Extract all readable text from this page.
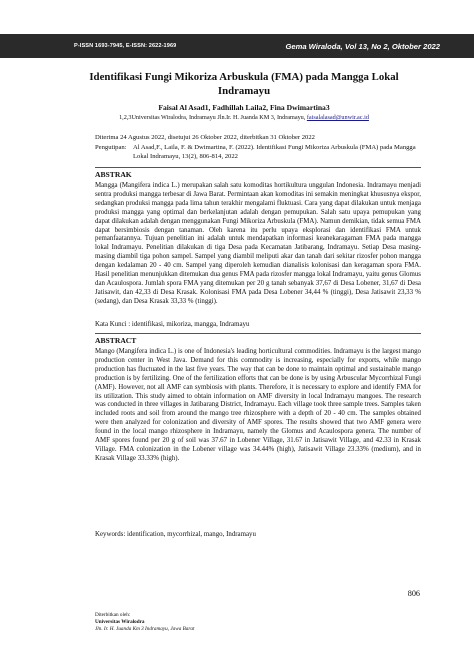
P-ISSN 1693-7945, E-ISSN: 2622-1969	Gema Wiraloda, Vol 13, No 2, Oktober 2022
Identifikasi Fungi Mikoriza Arbuskula (FMA) pada Mangga Lokal Indramayu
Faisal Al Asad1, Fadhillah Laila2, Fina Dwimartina3
1,2,3Universitas Wiralodra, Indramayu Jln.Ir. H. Juanda KM 3, Indramayu, faisalalasad@unwir.ac.id
Diterima 24 Agustus 2022, disetujui 26 Oktober 2022, diterbitkan 31 Oktober 2022
Pengutipan: Al Asad,F., Laila, F. & Dwimartina, F. (2022). Identifikasi Fungi Mikoriza Arbuskula (FMA) pada Mangga Lokal Indramayu, 13(2), 806-814, 2022
ABSTRAK

Mangga (Mangifera indica L.) merupakan salah satu komoditas hortikultura unggulan Indonesia. Indramayu menjadi sentra produksi mangga terbesar di Jawa Barat. Permintaan akan komoditas ini semakin meningkat khususnya ekspor, sedangkan produksi mangga pada lima tahun terakhir mengalami fluktuasi. Cara yang dapat dilakukan untuk menjaga produksi mangga yang optimal dan berkelanjutan adalah dengan pemupukan. Salah satu upaya pemupukan yang dapat dilakukan adalah dengan menggunakan Fungi Mikoriza Arbuskula (FMA). Namun demikian, tidak semua FMA dapat bersimbiosis dengan tanaman. Oleh karena itu perlu upaya eksplorasi dan identifikasi FMA untuk pemanfaatannya. Tujuan penelitian ini adalah untuk mendapatkan informasi keanekaragaman FMA pada mangga lokal Indramayu. Penelitian dilakukan di tiga Desa pada Kecamatan Jatibarang, Indramayu. Setiap Desa masing-masing diambil tiga pohon sampel. Sampel yang diambil meliputi akar dan tanah dari sekitar rizosfer pohon mangga dengan kedalaman 20 - 40 cm. Sampel yang diperoleh kemudian dianalisis kolonisasi dan keragaman spora FMA. Hasil penelitian menunjukkan ditemukan dua genus FMA pada rizosfer mangga lokal Indramayu, yaitu genus Glomus dan Acaulospora. Jumlah spora FMA yang ditemukan per 20 g tanah sebanyak 37,67 di Desa Lobener, 31,67 di Desa Jatisawit, dan 42,33 di Desa Krasak. Kolonisasi FMA pada Desa Lobener 34,44 % (tinggi), Desa Jatisawit 23,33 % (sedang), dan Desa Krasak 33,33 % (tinggi).

Kata Kunci : identifikasi, mikoriza, mangga, Indramayu
ABSTRACT

Mango (Mangifera indica L.) is one of Indonesia's leading horticultural commodities. Indramayu is the largest mango production center in West Java. Demand for this commodity is increasing, especially for exports, while mango production has fluctuated in the last five years. The way that can be done to maintain optimal and sustainable mango production is by fertilizing. One of the fertilization efforts that can be done is by using Arbuscular Mycorrhizal Fungi (AMF). However, not all AMF can symbiosis with plants. Therefore, it is necessary to explore and identify FMA for its utilization. This study aimed to obtain information on AMF diversity in local Indramayu mangoes. The research was conducted in three villages in Jatibarang District, Indramayu. Each village took three sample trees. Samples taken included roots and soil from around the mango tree rhizosphere with a depth of 20 - 40 cm. The samples obtained were then analyzed for colonization and diversity of AMF spores. The results showed that two AMF genera were found in the local mango rhizosphere in Indramayu, namely the Glomus and Acaulospora genera. The number of AMF spores found per 20 g of soil was 37.67 in Lobener Village, 31.67 in Jatisawit Village, and 42.33 in Krasak Village. FMA colonization in the Lobener village was 34.44% (high), Jatisawit Village 23.33% (medium), and in Krasak Village 33.33% (high).

Keywords: identification, mycorrhizal, mango, Indramayu
806
Diterbitkan oleh:
Universitas Wiralodra
Jln. Ir. H. Juanda Km 3 Indramayu, Jawa Barat
